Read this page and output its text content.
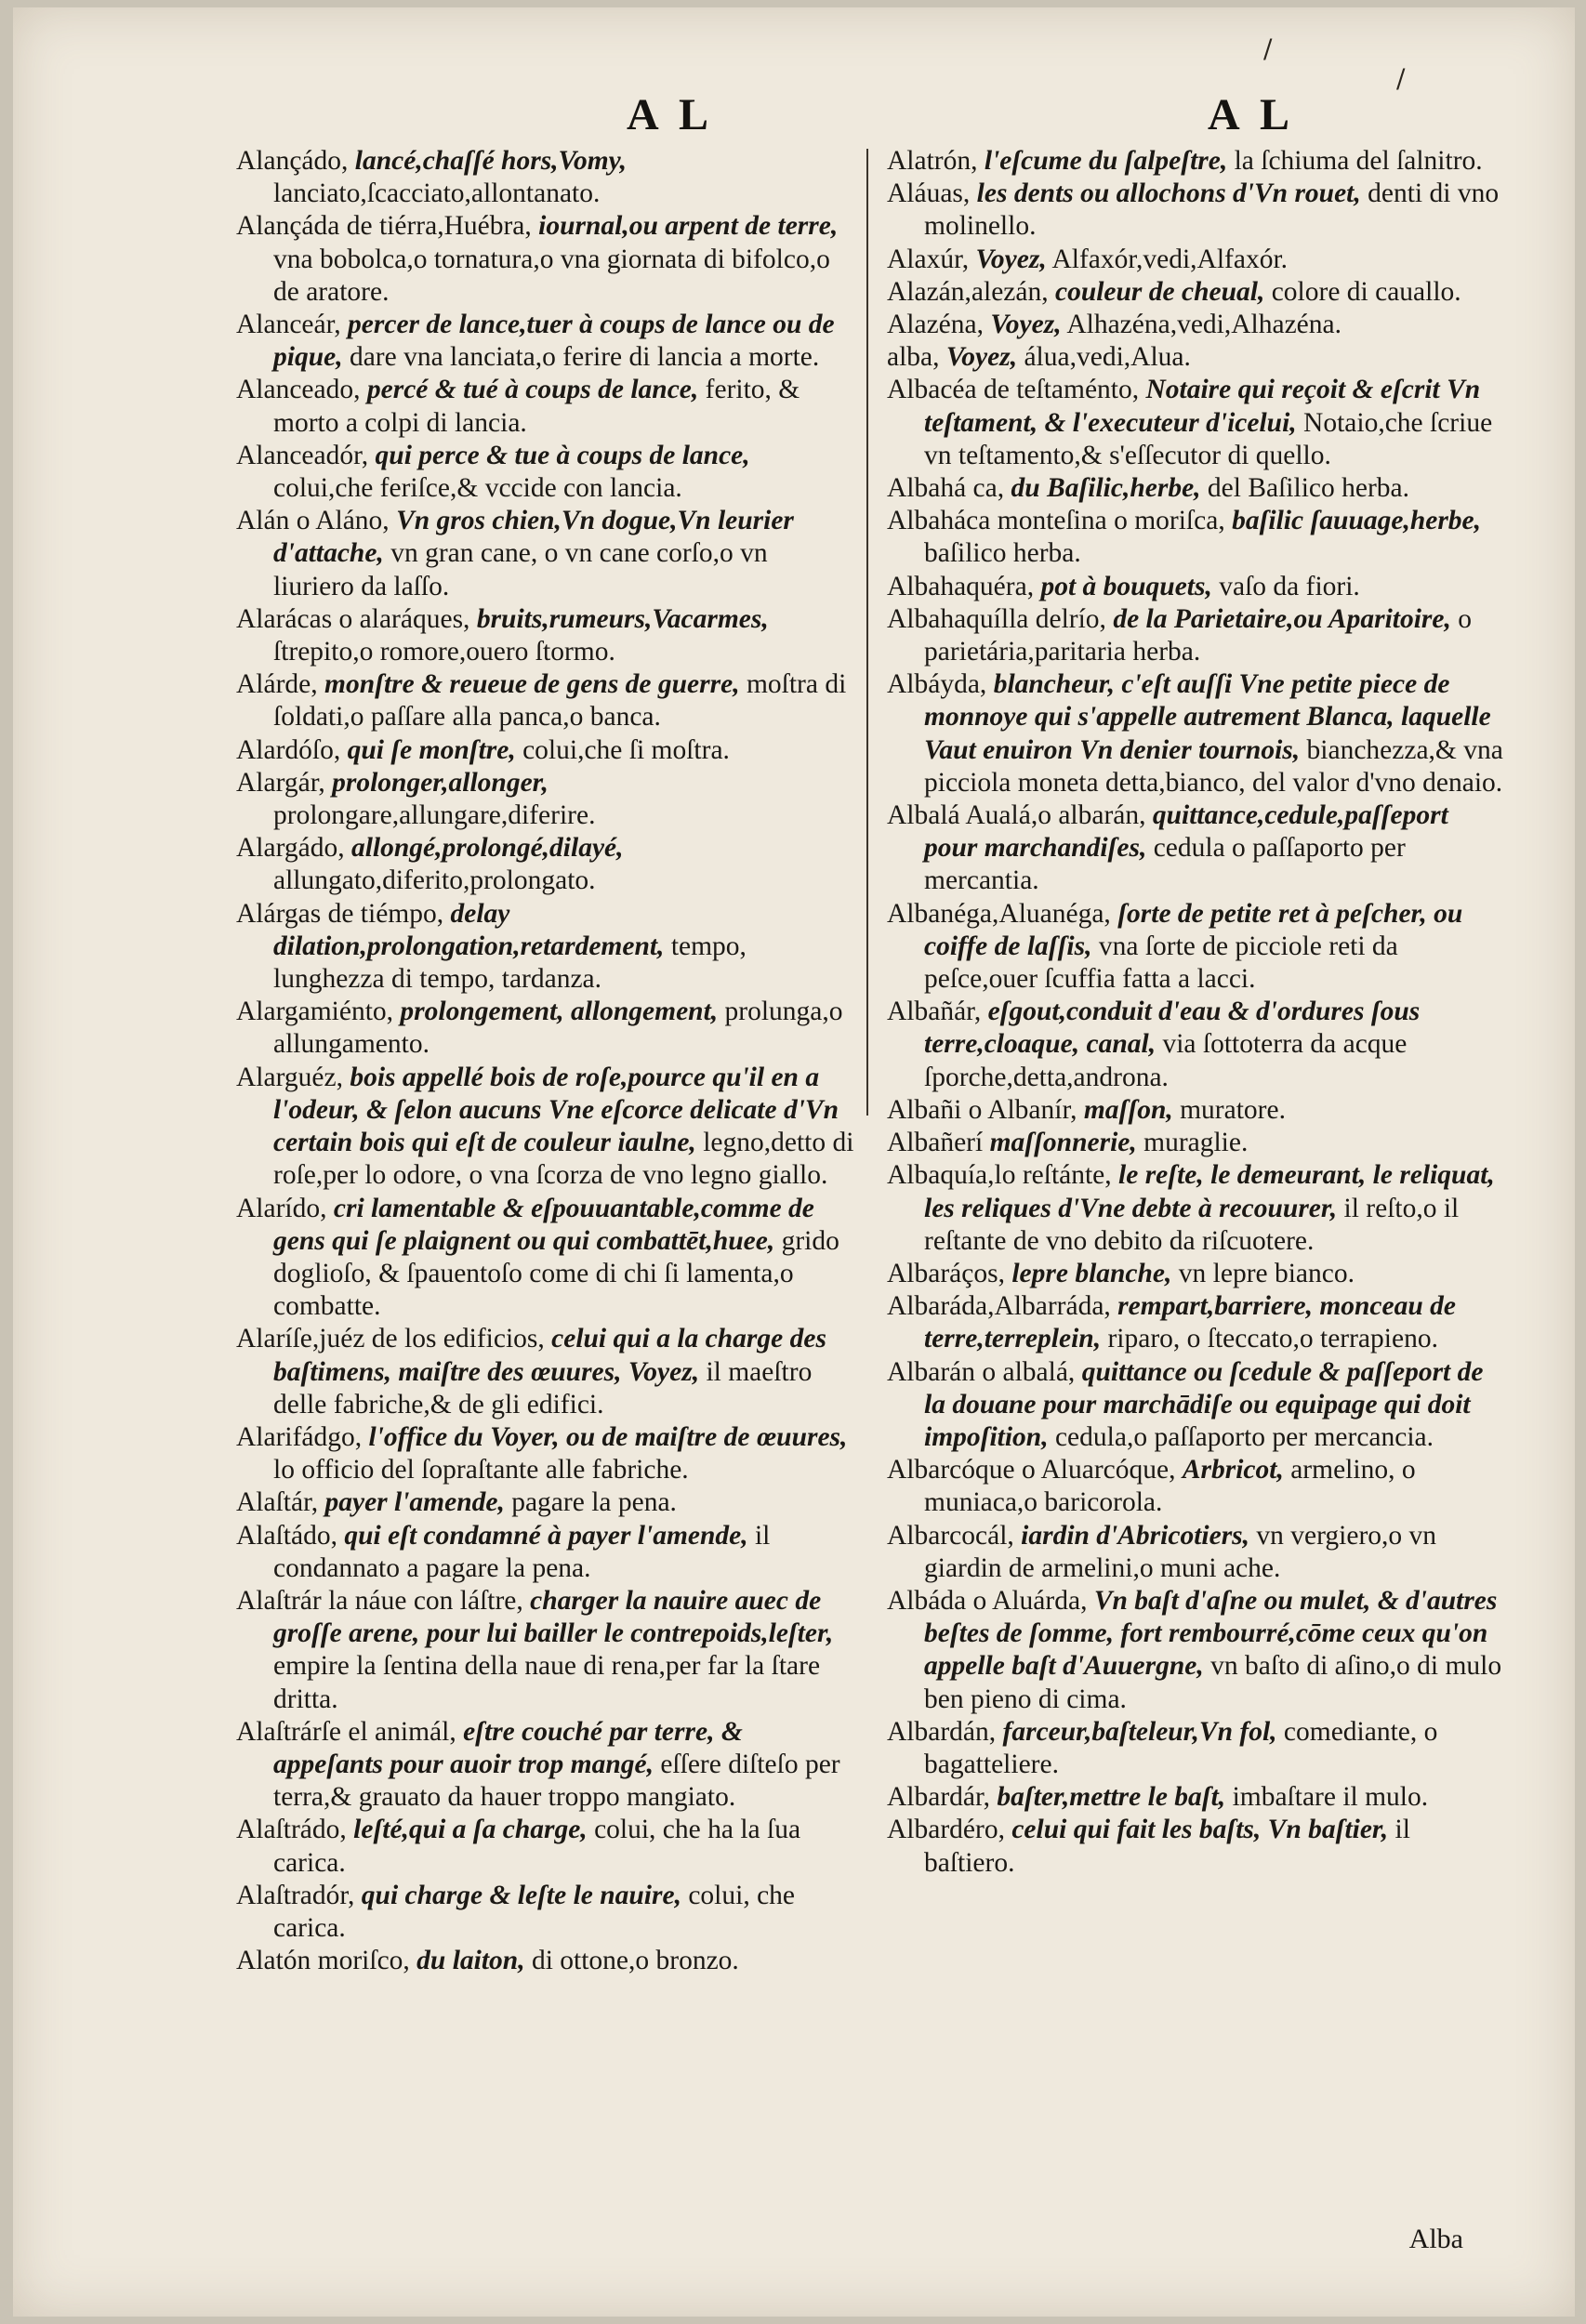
A L	A L
/
/
Alançádo, lancé,chaſſé hors,Vomy, lanciato,ſcacciato,allontanato.
Alançáda de tiérra,Huébra, iournal,ou arpent de terre, vna bobolca,o tornatura,o vna giornata di bifolco,o de aratore.
Alanceár, percer de lance,tuer à coups de lance ou de pique, dare vna lanciata,o ferire di lancia a morte.
Alanceado, percé & tué à coups de lance, ferito, & morto a colpi di lancia.
Alanceadór, qui perce & tue à coups de lance, colui,che feriſce,& vccide con lancia.
Alán o Aláno, Vn gros chien,Vn dogue,Vn leurier d'attache, vn gran cane, o vn cane corſo,o vn liuriero da laſſo.
Alarácas o alaráques, bruits,rumeurs,Vacarmes, ſtrepito,o romore,ouero ſtormo.
Alárde, monſtre & reueue de gens de guerre, moſtra di ſoldati,o paſſare alla panca,o banca.
Alardóſo, qui ſe monſtre, colui,che ſi moſtra.
Alargár, prolonger,allonger, prolongare,allungare,diferire.
Alargádo, allongé,prolongé,dilayé, allungato,diferito,prolongato.
Alárgas de tiémpo, delay dilation,prolongation,retardement, tempo, lunghezza di tempo, tardanza.
Alargamiénto, prolongement, allongement, prolunga,o allungamento.
Alarguéz, bois appellé bois de roſe,pource qu'il en a l'odeur, & ſelon aucuns Vne eſcorce delicate d'Vn certain bois qui eſt de couleur iaulne, legno,detto di roſe,per lo odore, o vna ſcorza de vno legno giallo.
Alarído, cri lamentable & eſpouuantable,comme de gens qui ſe plaignent ou qui combattēt,huee, grido doglioſo, & ſpauentoſo come di chi ſi lamenta,o combatte.
Alaríſe,juéz de los edificios, celui qui a la charge des baſtimens, maiſtre des œuures, Voyez, il maeſtro delle fabriche,& de gli edifici.
Alarifádgo, l'office du Voyer, ou de maiſtre de œuures, lo officio del ſopraſtante alle fabriche.
Alaſtár, payer l'amende, pagare la pena.
Alaſtádo, qui eſt condamné à payer l'amende, il condannato a pagare la pena.
Alaſtrár la náue con láſtre, charger la nauire auec de groſſe arene, pour lui bailler le contrepoids,leſter, empire la ſentina della naue di rena,per far la ſtare dritta.
Alaſtrárſe el animál, eſtre couché par terre, & appeſants pour auoir trop mangé, eſſere diſteſo per terra,& grauato da hauer troppo mangiato.
Alaſtrádo, leſté,qui a ſa charge, colui, che ha la ſua carica.
Alaſtradór, qui charge & leſte le nauire, colui, che carica.
Alatón moriſco, du laiton, di ottone,o bronzo.
Alatrón, l'eſcume du ſalpeſtre, la ſchiuma del ſalnitro.
Aláuas, les dents ou allochons d'Vn rouet, denti di vno molinello.
Alaxúr, Voyez, Alfaxór,vedi,Alfaxór.
Alazán,alezán, couleur de cheual, colore di cauallo.
Alazéna, Voyez, Alhazéna,vedi,Alhazéna.
alba, Voyez, álua,vedi,Alua.
Albacéa de teſtaménto, Notaire qui reçoit & eſcrit Vn teſtament, & l'executeur d'icelui, Notaio,che ſcriue vn teſtamento,& s'eſſecutor di quello.
Albahá ca, du Baſilic,herbe, del Baſilico herba.
Albaháca monteſina o moriſca, baſilic ſauuage,herbe, baſilico herba.
Albahaquéra, pot à bouquets, vaſo da fiori.
Albahaquílla delrío, de la Parietaire,ou Aparitoire, o parietária,paritaria herba.
Albáyda, blancheur, c'eſt auſſi Vne petite piece de monnoye qui s'appelle autrement Blanca, laquelle Vaut enuiron Vn denier tournois, bianchezza,& vna picciola moneta detta,bianco, del valor d'vno denaio.
Albalá Aualá,o albarán, quittance,cedule,paſſeport pour marchandiſes, cedula o paſſaporto per mercantia.
Albanéga,Aluanéga, ſorte de petite ret à peſcher, ou coiffe de laſſis, vna ſorte de picciole reti da peſce,ouer ſcuffia fatta a lacci.
Albañár, eſgout,conduit d'eau & d'ordures ſous terre,cloaque, canal, via ſottoterra da acque ſporche,detta,androna.
Albañi o Albanír, maſſon, muratore.
Albañerí maſſonnerie, muraglie.
Albaquía,lo reſtánte, le reſte, le demeurant, le reliquat, les reliques d'Vne debte à recouurer, il reſto,o il reſtante de vno debito da riſcuotere.
Albaráços, lepre blanche, vn lepre bianco.
Albaráda,Albarráda, rempart,barriere, monceau de terre,terreplein, riparo, o ſteccato,o terrapieno.
Albarán o albalá, quittance ou ſcedule & paſſeport de la douane pour marchādiſe ou equipage qui doit impoſition, cedula,o paſſaporto per mercancia.
Albarcóque o Aluarcóque, Arbricot, armelino, o muniaca,o baricorola.
Albarcocál, iardin d'Abricotiers, vn vergiero,o vn giardin de armelini,o muni ache.
Albáda o Aluárda, Vn baſt d'aſne ou mulet, & d'autres beſtes de ſomme, fort rembourré,cōme ceux qu'on appelle baſt d'Auuergne, vn baſto di aſino,o di mulo ben pieno di cima.
Albardán, farceur,baſteleur,Vn fol, comediante, o bagatteliere.
Albardár, baſter,mettre le baſt, imbaſtare il mulo.
Albardéro, celui qui fait les baſts, Vn baſtier, il baſtiero.
Alba
